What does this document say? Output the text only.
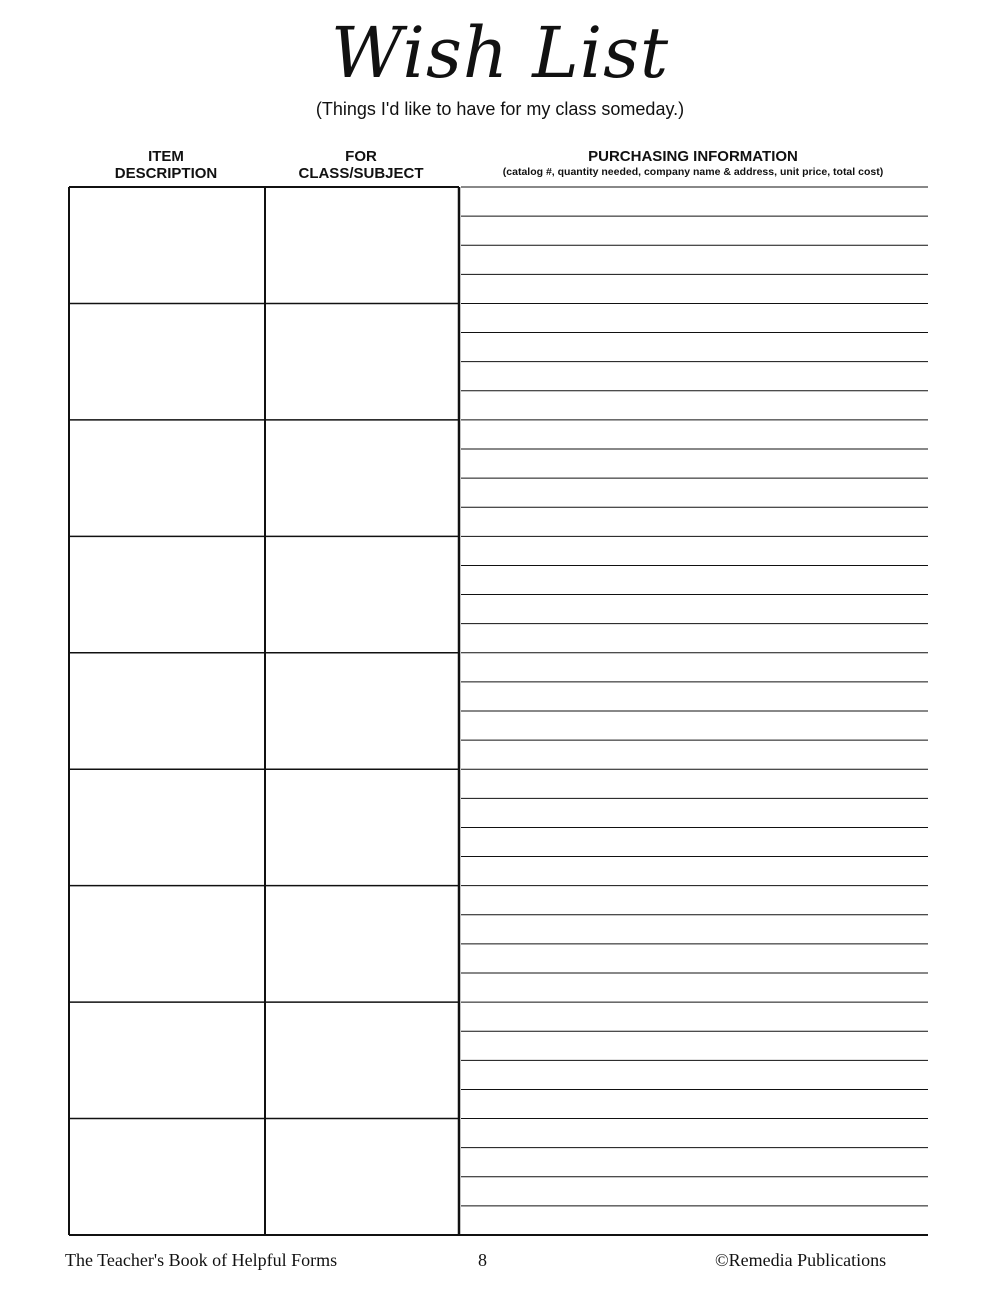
Wish List
(Things I'd like to have for my class someday.)
ITEM
DESCRIPTION
FOR
CLASS/SUBJECT
PURCHASING INFORMATION
(catalog #, quantity needed, company name & address, unit price, total cost)
The Teacher's Book of Helpful Forms	8	©Remedia Publications
